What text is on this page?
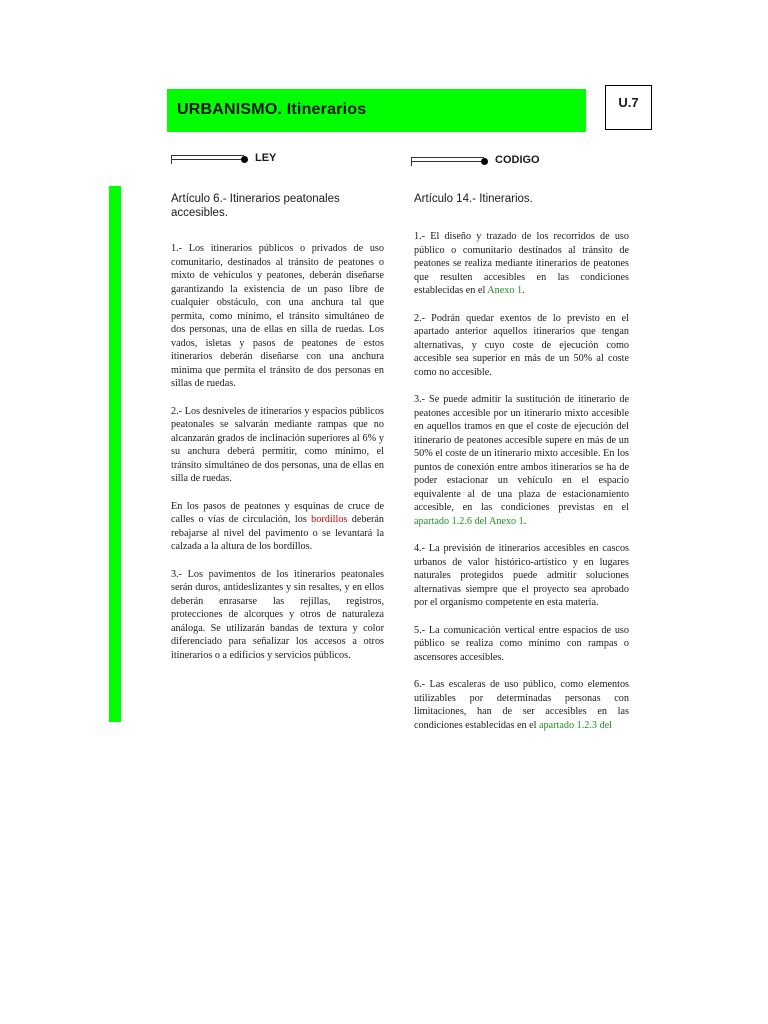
URBANISMO. Itinerarios	U.7
LEY	CODIGO
Artículo 6.- Itinerarios peatonales accesibles.

1.- Los itinerarios públicos o privados de uso comunitario, destinados al tránsito de peatones o mixto de vehículos y peatones, deberán diseñarse garantizando la existencia de un paso libre de cualquier obstáculo, con una anchura tal que permita, como mínimo, el tránsito simultáneo de dos personas, una de ellas en silla de ruedas. Los vados, isletas y pasos de peatones de estos itinerarios deberán diseñarse con una anchura mínima que permita el tránsito de dos personas en sillas de ruedas.

2.- Los desniveles de itinerarios y espacios públicos peatonales se salvarán mediante rampas que no alcanzarán grados de inclinación superiores al 6% y su anchura deberá permitir, como mínimo, el tránsito simultáneo de dos personas, una de ellas en silla de ruedas.

En los pasos de peatones y esquinas de cruce de calles o vías de circulación, los bordillos deberán rebajarse al nivel del pavimento o se levantará la calzada a la altura de los bordillos.

3.- Los pavimentos de los itinerarios peatonales serán duros, antideslizantes y sin resaltes, y en ellos deberán enrasarse las rejillas, registros, protecciones de alcorques y otros de naturaleza análoga. Se utilizarán bandas de textura y color diferenciado para señalizar los accesos a otros itinerarios o a edificios y servicios públicos.

Artículo 14.- Itinerarios.

1.- El diseño y trazado de los recorridos de uso público o comunitario destinados al tránsito de peatones se realiza mediante itinerarios de peatones que resulten accesibles en las condiciones establecidas en el Anexo 1.

2.- Podrán quedar exentos de lo previsto en el apartado anterior aquellos itinerarios que tengan alternativas, y cuyo coste de ejecución como accesible sea superior en más de un 50% al coste como no accesible.

3.- Se puede admitir la sustitución de itinerario de peatones accesible por un itinerario mixto accesible en aquellos tramos en que el coste de ejecución del itinerario de peatones accesible supere en más de un 50% el coste de un itinerario mixto accesible. En los puntos de conexión entre ambos itinerarios se ha de poder estacionar un vehículo en el espacio equivalente al de una plaza de estacionamiento accesible, en las condiciones previstas en el apartado 1.2.6 del Anexo 1.

4.- La previsión de itinerarios accesibles en cascos urbanos de valor histórico-artístico y en lugares naturales protegidos puede admitir soluciones alternativas siempre que el proyecto sea aprobado por el organismo competente en esta materia.

5.- La comunicación vertical entre espacios de uso público se realiza como mínimo con rampas o ascensores accesibles.

6.- Las escaleras de uso público, como elementos utilizables por determinadas personas con limitaciones, han de ser accesibles en las condiciones establecidas en el apartado 1.2.3 del
